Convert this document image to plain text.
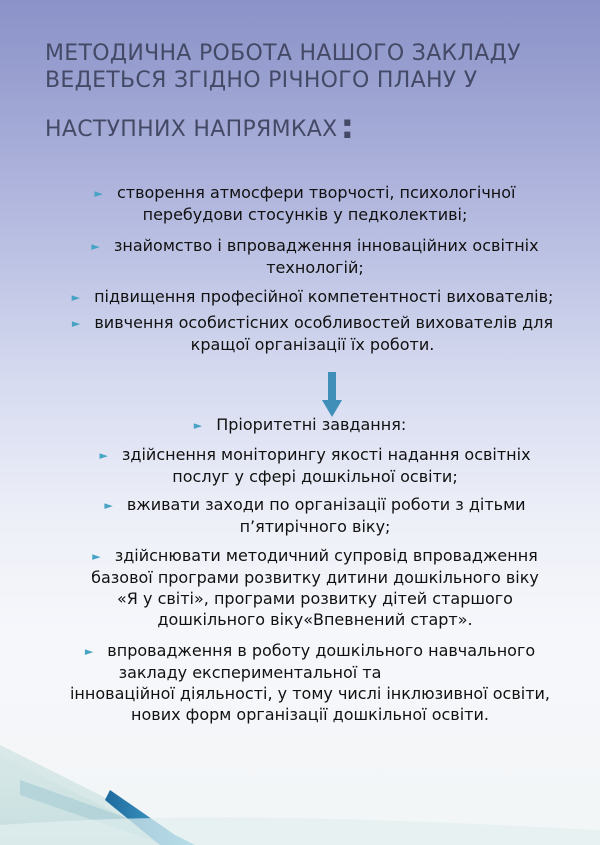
МЕТОДИЧНА РОБОТА НАШОГО ЗАКЛАДУ
ВЕДЕТЬСЯ ЗГІДНО РІЧНОГО ПЛАНУ У
НАСТУПНИХ НАПРЯМКАХ:
► створення атмосфери творчості, психологічної
перебудови стосунків у педколективі;
► знайомство і впровадження інноваційних освітніх
технологій;
► підвищення професійної компетентності вихователів;
► вивчення особистісних особливостей вихователів для
кращої організації їх роботи.
► Пріоритетні завдання:
► здійснення моніторингу якості надання освітніх
послуг у сфері дошкільної освіти;
► вживати заходи по організації роботи з дітьми
п’ятирічного віку;
► здійснювати методичний супровід впровадження
базової програми розвитку дитини дошкільного віку
«Я у світі», програми розвитку дітей старшого
дошкільного віку«Впевнений старт».
► впровадження в роботу дошкільного навчального
закладу експериментальної та
інноваційної діяльності, у тому числі інклюзивної освіти,
нових форм організації дошкільної освіти.
